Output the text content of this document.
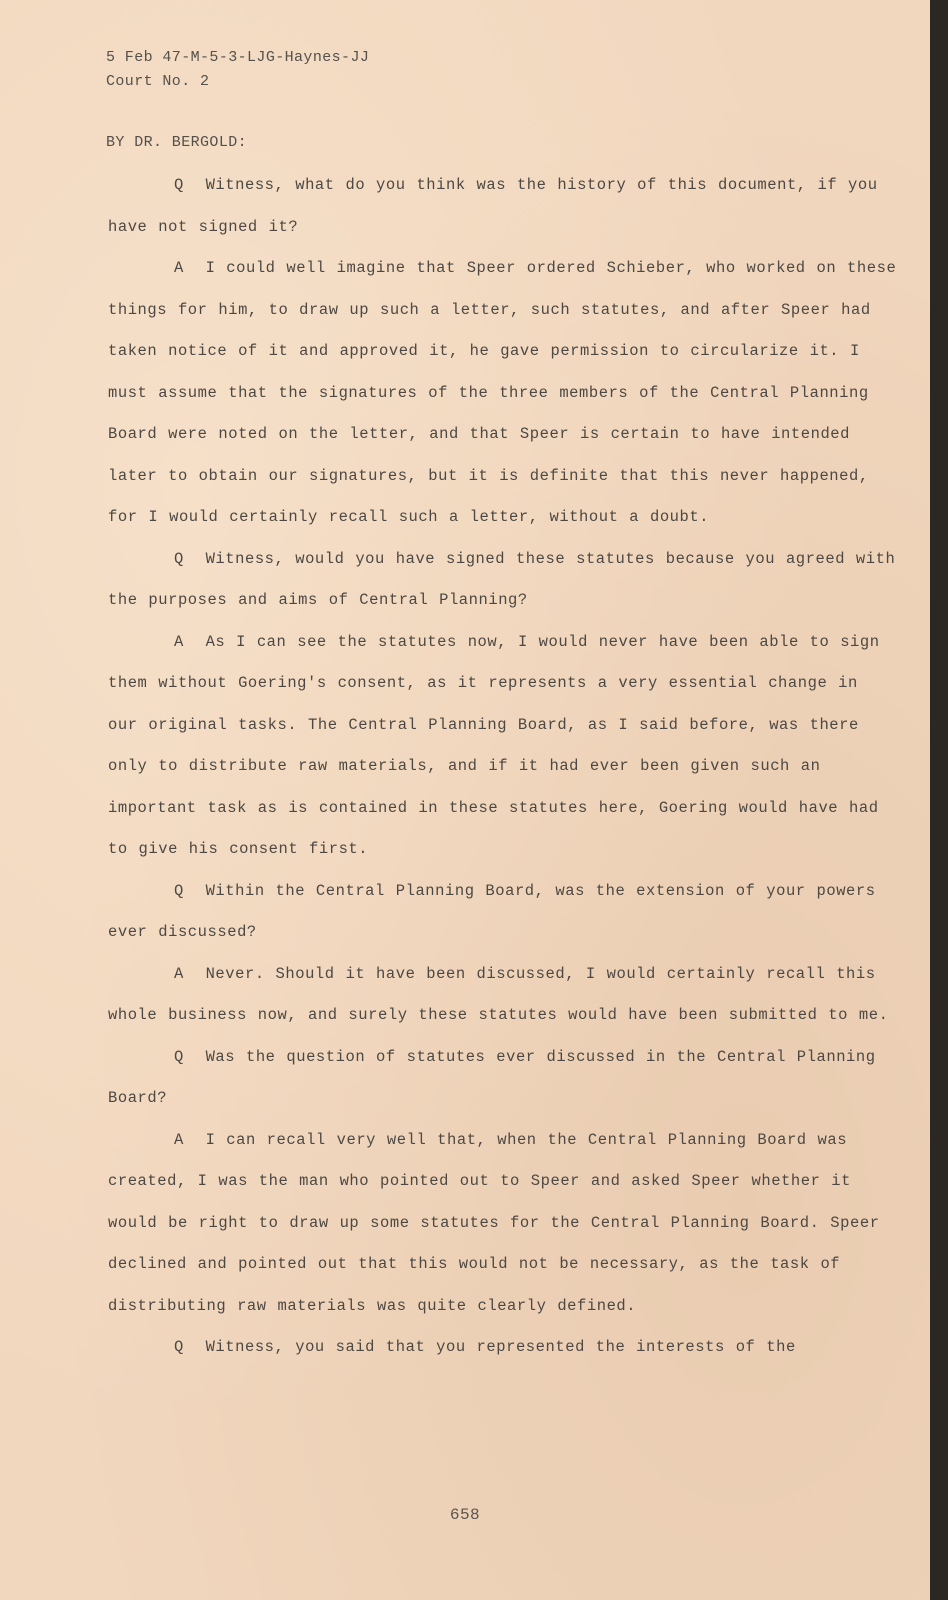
5 Feb 47-M-5-3-LJG-Haynes-JJ
Court No. 2
BY DR. BERGOLD:

Q Witness, what do you think was the history of this document, if you have not signed it?

A I could well imagine that Speer ordered Schieber, who worked on these things for him, to draw up such a letter, such statutes, and after Speer had taken notice of it and approved it, he gave permission to circularize it. I must assume that the signatures of the three members of the Central Planning Board were noted on the letter, and that Speer is certain to have intended later to obtain our signatures, but it is definite that this never happened, for I would certainly recall such a letter, without a doubt.

Q Witness, would you have signed these statutes because you agreed with the purposes and aims of Central Planning?

A As I can see the statutes now, I would never have been able to sign them without Goering's consent, as it represents a very essential change in our original tasks. The Central Planning Board, as I said before, was there only to distribute raw materials, and if it had ever been given such an important task as is contained in these statutes here, Goering would have had to give his consent first.

Q Within the Central Planning Board, was the extension of your powers ever discussed?

A Never. Should it have been discussed, I would certainly recall this whole business now, and surely these statutes would have been submitted to me.

Q Was the question of statutes ever discussed in the Central Planning Board?

A I can recall very well that, when the Central Planning Board was created, I was the man who pointed out to Speer and asked Speer whether it would be right to draw up some statutes for the Central Planning Board. Speer declined and pointed out that this would not be necessary, as the task of distributing raw materials was quite clearly defined.

Q Witness, you said that you represented the interests of the

658
